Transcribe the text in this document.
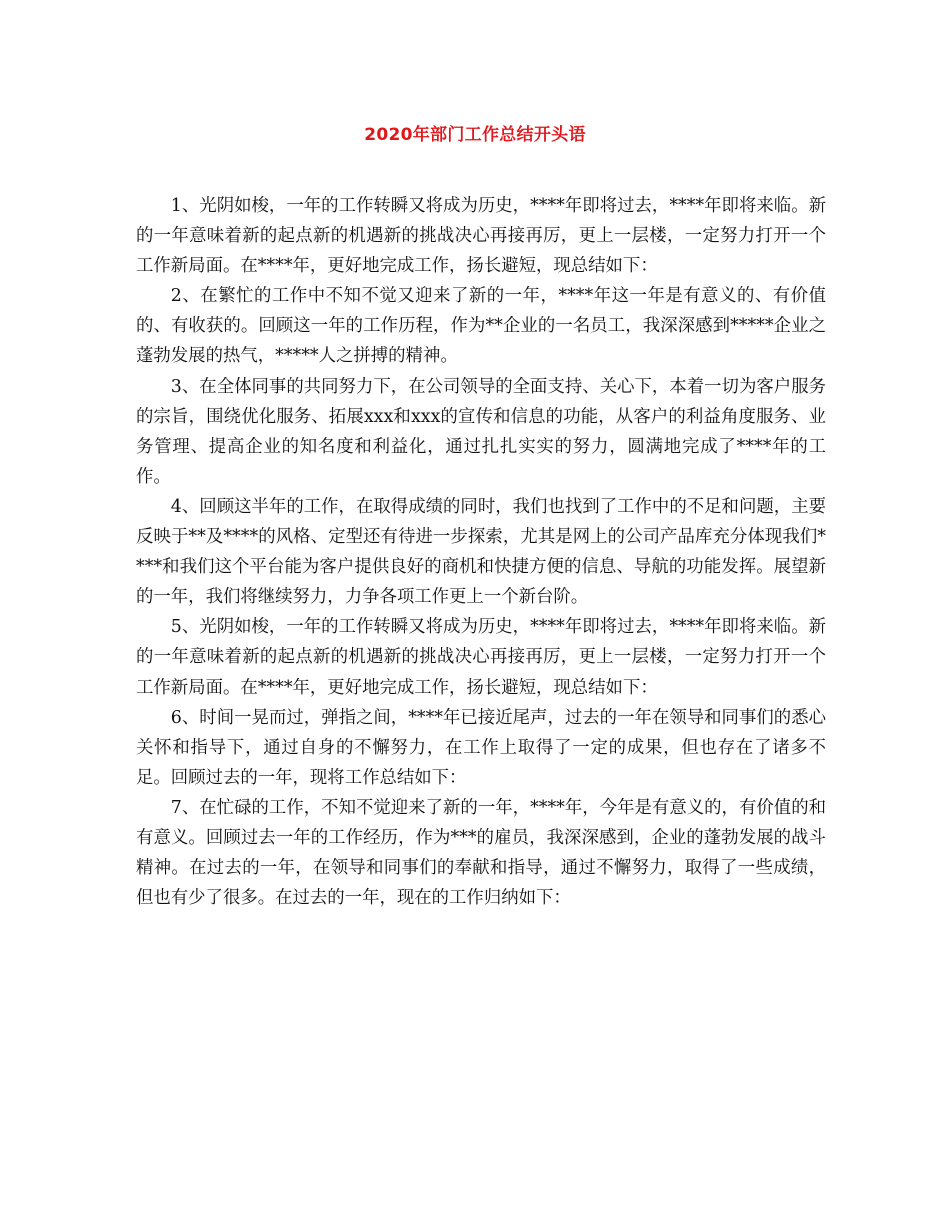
2020年部门工作总结开头语

1、光阴如梭，一年的工作转瞬又将成为历史，****年即将过去，****年即将来临。新的一年意味着新的起点新的机遇新的挑战决心再接再厉，更上一层楼，一定努力打开一个工作新局面。在****年，更好地完成工作，扬长避短，现总结如下：

2、在繁忙的工作中不知不觉又迎来了新的一年，****年这一年是有意义的、有价值的、有收获的。回顾这一年的工作历程，作为**企业的一名员工，我深深感到*****企业之蓬勃发展的热气，*****人之拼搏的精神。

3、在全体同事的共同努力下，在公司领导的全面支持、关心下，本着一切为客户服务的宗旨，围绕优化服务、拓展xxx和xxx的宣传和信息的功能，从客户的利益角度服务、业务管理、提高企业的知名度和利益化，通过扎扎实实的努力，圆满地完成了****年的工作。

4、回顾这半年的工作，在取得成绩的同时，我们也找到了工作中的不足和问题，主要反映于**及****的风格、定型还有待进一步探索，尤其是网上的公司产品库充分体现我们****和我们这个平台能为客户提供良好的商机和快捷方便的信息、导航的功能发挥。展望新的一年，我们将继续努力，力争各项工作更上一个新台阶。

5、光阴如梭，一年的工作转瞬又将成为历史，****年即将过去，****年即将来临。新的一年意味着新的起点新的机遇新的挑战决心再接再厉，更上一层楼，一定努力打开一个工作新局面。在****年，更好地完成工作，扬长避短，现总结如下：

6、时间一晃而过，弹指之间，****年已接近尾声，过去的一年在领导和同事们的悉心关怀和指导下，通过自身的不懈努力，在工作上取得了一定的成果，但也存在了诸多不足。回顾过去的一年，现将工作总结如下：

7、在忙碌的工作，不知不觉迎来了新的一年，****年，今年是有意义的，有价值的和有意义。回顾过去一年的工作经历，作为***的雇员，我深深感到，企业的蓬勃发展的战斗精神。在过去的一年，在领导和同事们的奉献和指导，通过不懈努力，取得了一些成绩，但也有少了很多。在过去的一年，现在的工作归纳如下：
